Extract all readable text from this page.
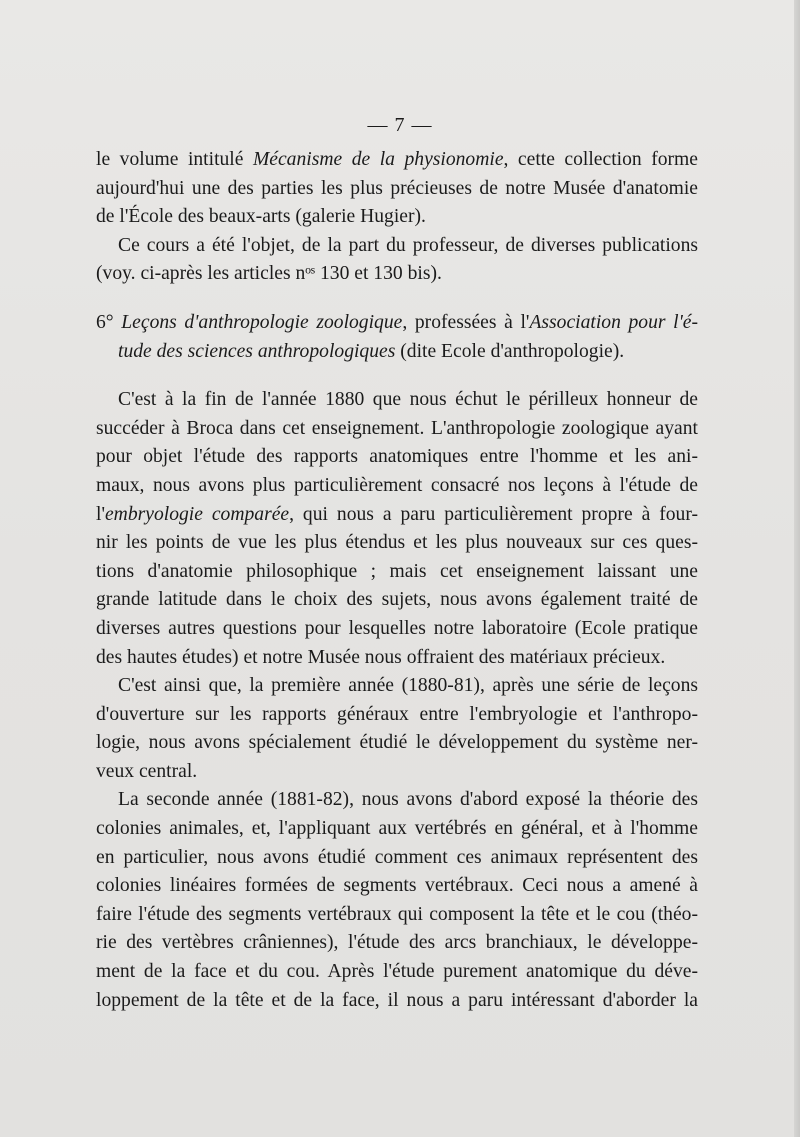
— 7 —
le volume intitulé Mécanisme de la physionomie, cette collection forme
aujourd'hui une des parties les plus précieuses de notre Musée d'anatomie
de l'École des beaux-arts (galerie Hugier).
Ce cours a été l'objet, de la part du professeur, de diverses publications
(voy. ci-après les articles nᵒˢ 130 et 130 bis).
6° Leçons d'anthropologie zoologique, professées à l'Association pour l'é-
tude des sciences anthropologiques (dite Ecole d'anthropologie).
C'est à la fin de l'année 1880 que nous échut le périlleux honneur de
succéder à Broca dans cet enseignement. L'anthropologie zoologique ayant
pour objet l'étude des rapports anatomiques entre l'homme et les ani-
maux, nous avons plus particulièrement consacré nos leçons à l'étude de
l'embryologie comparée, qui nous a paru particulièrement propre à four-
nir les points de vue les plus étendus et les plus nouveaux sur ces ques-
tions d'anatomie philosophique ; mais cet enseignement laissant une
grande latitude dans le choix des sujets, nous avons également traité de
diverses autres questions pour lesquelles notre laboratoire (Ecole pratique
des hautes études) et notre Musée nous offraient des matériaux précieux.
C'est ainsi que, la première année (1880-81), après une série de leçons
d'ouverture sur les rapports généraux entre l'embryologie et l'anthropo-
logie, nous avons spécialement étudié le développement du système ner-
veux central.
La seconde année (1881-82), nous avons d'abord exposé la théorie des
colonies animales, et, l'appliquant aux vertébrés en général, et à l'homme
en particulier, nous avons étudié comment ces animaux représentent des
colonies linéaires formées de segments vertébraux. Ceci nous a amené à
faire l'étude des segments vertébraux qui composent la tête et le cou (théo-
rie des vertèbres crâniennes), l'étude des arcs branchiaux, le développe-
ment de la face et du cou. Après l'étude purement anatomique du déve-
loppement de la tête et de la face, il nous a paru intéressant d'aborder la
